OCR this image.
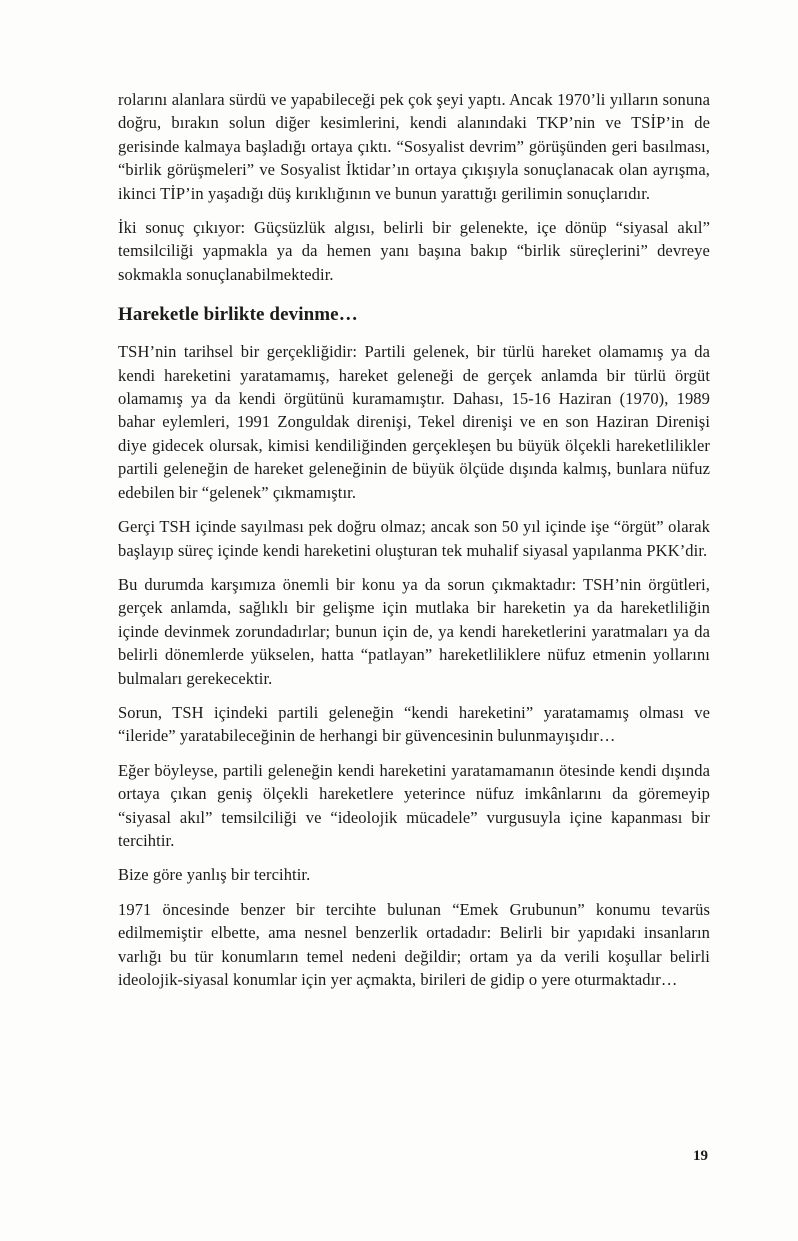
rolarını alanlara sürdü ve yapabileceği pek çok şeyi yaptı. Ancak 1970’li yılların sonuna doğru, bırakın solun diğer kesimlerini, kendi alanındaki TKP’nin ve TSİP’in de gerisinde kalmaya başladığı ortaya çıktı. “Sosyalist devrim” görüşünden geri basılması, “birlik görüşmeleri” ve Sosyalist İktidar’ın ortaya çıkışıyla sonuçlanacak olan ayrışma, ikinci TİP’in yaşadığı düş kırıklığının ve bunun yarattığı gerilimin sonuçlarıdır.

İki sonuç çıkıyor: Güçsüzlük algısı, belirli bir gelenekte, içe dönüp “siyasal akıl” temsilciliği yapmakla ya da hemen yanı başına bakıp “birlik süreçlerini” devreye sokmakla sonuçlanabilmektedir.

Hareketle birlikte devinme…

TSH’nin tarihsel bir gerçekliğidir: Partili gelenek, bir türlü hareket olamamış ya da kendi hareketini yaratamamış, hareket geleneği de gerçek anlamda bir türlü örgüt olamamış ya da kendi örgütünü kuramamıştır. Dahası, 15-16 Haziran (1970), 1989 bahar eylemleri, 1991 Zonguldak direnişi, Tekel direnişi ve en son Haziran Direnişi diye gidecek olursak, kimisi kendiliğinden gerçekleşen bu büyük ölçekli hareketlilikler partili geleneğin de hareket geleneğinin de büyük ölçüde dışında kalmış, bunlara nüfuz edebilen bir “gelenek” çıkmamıştır.

Gerçi TSH içinde sayılması pek doğru olmaz; ancak son 50 yıl içinde işe “örgüt” olarak başlayıp süreç içinde kendi hareketini oluşturan tek muhalif siyasal yapılanma PKK’dir.

Bu durumda karşımıza önemli bir konu ya da sorun çıkmaktadır: TSH’nin örgütleri, gerçek anlamda, sağlıklı bir gelişme için mutlaka bir hareketin ya da hareketliliğin içinde devinmek zorundadırlar; bunun için de, ya kendi hareketlerini yaratmaları ya da belirli dönemlerde yükselen, hatta “patlayan” hareketliliklere nüfuz etmenin yollarını bulmaları gerekecektir.

Sorun, TSH içindeki partili geleneğin “kendi hareketini” yaratamamış olması ve “ileride” yaratabileceğinin de herhangi bir güvencesinin bulunmayışıdır…

Eğer böyleyse, partili geleneğin kendi hareketini yaratamamanın ötesinde kendi dışında ortaya çıkan geniş ölçekli hareketlere yeterince nüfuz imkânlarını da göremeyip “siyasal akıl” temsilciliği ve “ideolojik mücadele” vurgusuyla içine kapanması bir tercihtir.

Bize göre yanlış bir tercihtir.

1971 öncesinde benzer bir tercihte bulunan “Emek Grubunun” konumu tevarüs edilmemiştir elbette, ama nesnel benzerlik ortadadır: Belirli bir yapıdaki insanların varlığı bu tür konumların temel nedeni değildir; ortam ya da verili koşullar belirli ideolojik-siyasal konumlar için yer açmakta, birileri de gidip o yere oturmaktadır…

19
